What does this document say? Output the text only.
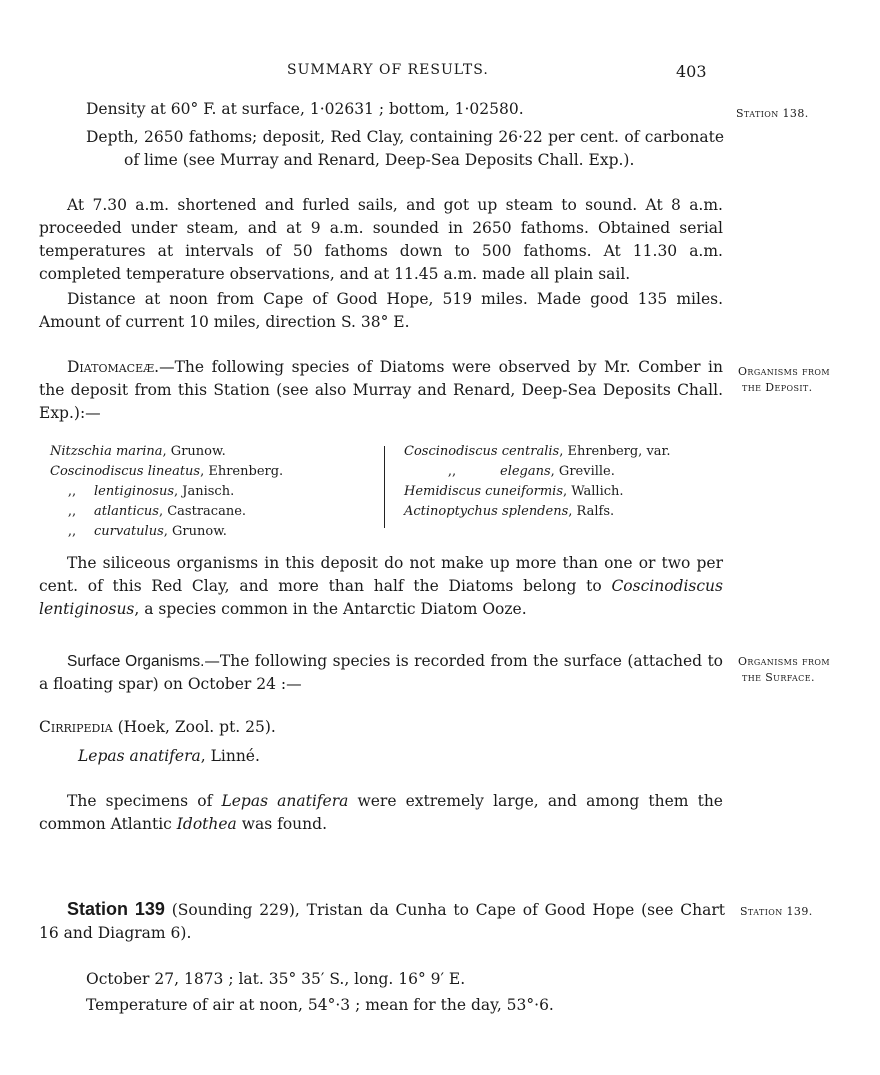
SUMMARY OF RESULTS.	403
Density at 60° F. at surface, 1·02631 ; bottom, 1·02580.
Depth, 2650 fathoms; deposit, Red Clay, containing 26·22 per cent. of carbonate of lime (see Murray and Renard, Deep-Sea Deposits Chall. Exp.).
Station 138.
At 7.30 a.m. shortened and furled sails, and got up steam to sound. At 8 a.m. proceeded under steam, and at 9 a.m. sounded in 2650 fathoms. Obtained serial temperatures at intervals of 50 fathoms down to 500 fathoms. At 11.30 a.m. completed temperature observations, and at 11.45 a.m. made all plain sail.
Distance at noon from Cape of Good Hope, 519 miles. Made good 135 miles. Amount of current 10 miles, direction S. 38° E.
Diatomaceæ.—The following species of Diatoms were observed by Mr. Comber in the deposit from this Station (see also Murray and Renard, Deep-Sea Deposits Chall. Exp.):—
Organisms from
the Deposit.
Nitzschia marina, Grunow.
Coscinodiscus lineatus, Ehrenberg.
,, lentiginosus, Janisch.
,, atlanticus, Castracane.
,, curvatulus, Grunow.
Coscinodiscus centralis, Ehrenberg, var.
,,	elegans, Greville.
Hemidiscus cuneiformis, Wallich.
Actinoptychus splendens, Ralfs.
The siliceous organisms in this deposit do not make up more than one or two per cent. of this Red Clay, and more than half the Diatoms belong to Coscinodiscus lentiginosus, a species common in the Antarctic Diatom Ooze.
Surface Organisms.—The following species is recorded from the surface (attached to a floating spar) on October 24 :—
Organisms from
the Surface.
Cirripedia (Hoek, Zool. pt. 25).
Lepas anatifera, Linné.
The specimens of Lepas anatifera were extremely large, and among them the common Atlantic Idothea was found.
Station 139 (Sounding 229), Tristan da Cunha to Cape of Good Hope (see Chart 16 and Diagram 6).
Station 139.
October 27, 1873 ; lat. 35° 35′ S., long. 16° 9′ E.
Temperature of air at noon, 54°·3 ; mean for the day, 53°·6.
